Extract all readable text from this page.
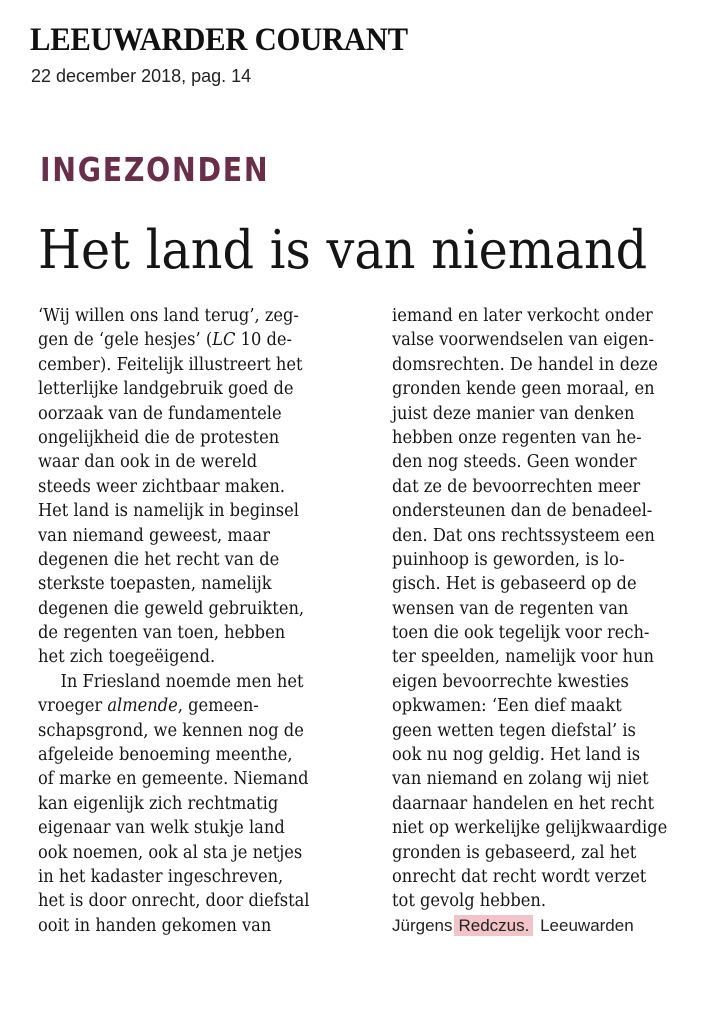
LEEUWARDER COURANT
22 december 2018, pag. 14
INGEZONDEN
Het land is van niemand
‘Wij willen ons land terug’, zeg-
gen de ‘gele hesjes’ (LC 10 de-
cember). Feitelijk illustreert het
letterlijke landgebruik goed de
oorzaak van de fundamentele
ongelijkheid die de protesten
waar dan ook in de wereld
steeds weer zichtbaar maken.
Het land is namelijk in beginsel
van niemand geweest, maar
degenen die het recht van de
sterkste toepasten, namelijk
degenen die geweld gebruikten,
de regenten van toen, hebben
het zich toegeëigend.
In Friesland noemde men het
vroeger almende, gemeen-
schapsgrond, we kennen nog de
afgeleide benoeming meenthe,
of marke en gemeente. Niemand
kan eigenlijk zich rechtmatig
eigenaar van welk stukje land
ook noemen, ook al sta je netjes
in het kadaster ingeschreven,
het is door onrecht, door diefstal
ooit in handen gekomen van
iemand en later verkocht onder
valse voorwendselen van eigen-
domsrechten. De handel in deze
gronden kende geen moraal, en
juist deze manier van denken
hebben onze regenten van he-
den nog steeds. Geen wonder
dat ze de bevoorrechten meer
ondersteunen dan de benadeel-
den. Dat ons rechtssysteem een
puinhoop is geworden, is lo-
gisch. Het is gebaseerd op de
wensen van de regenten van
toen die ook tegelijk voor rech-
ter speelden, namelijk voor hun
eigen bevoorrechte kwesties
opkwamen: ‘Een dief maakt
geen wetten tegen diefstal’ is
ook nu nog geldig. Het land is
van niemand en zolang wij niet
daarnaar handelen en het recht
niet op werkelijke gelijkwaardige
gronden is gebaseerd, zal het
onrecht dat recht wordt verzet
tot gevolg hebben.
Jürgens Redczus. Leeuwarden
